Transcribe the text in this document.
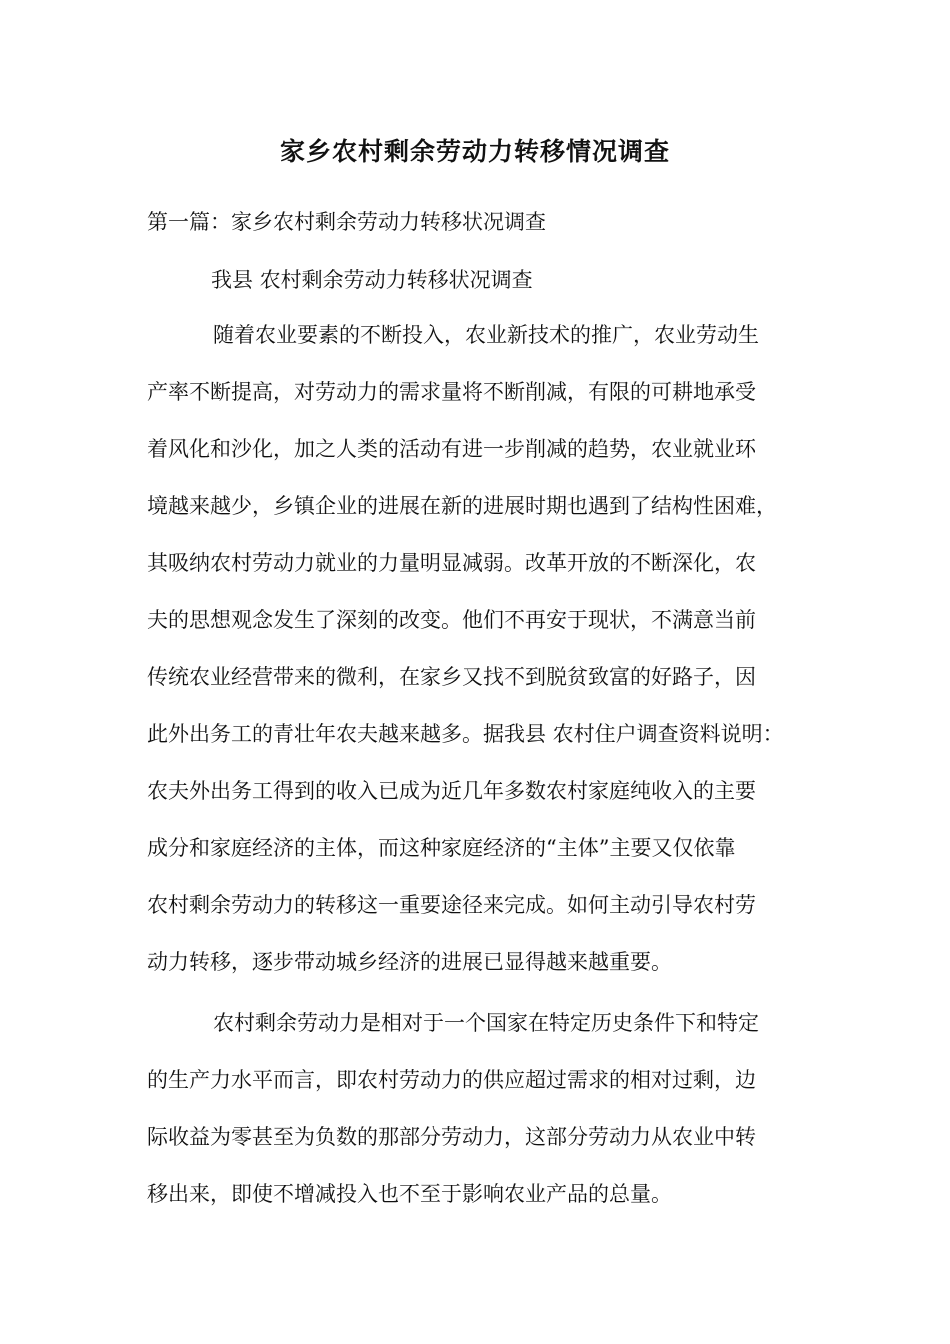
家乡农村剩余劳动力转移情况调查
第一篇：家乡农村剩余劳动力转移状况调查
我县 农村剩余劳动力转移状况调查
随着农业要素的不断投入，农业新技术的推广，农业劳动生
产率不断提高，对劳动力的需求量将不断削减，有限的可耕地承受
着风化和沙化，加之人类的活动有进一步削减的趋势，农业就业环
境越来越少，乡镇企业的进展在新的进展时期也遇到了结构性困难，
其吸纳农村劳动力就业的力量明显减弱。改革开放的不断深化，农
夫的思想观念发生了深刻的改变。他们不再安于现状，不满意当前
传统农业经营带来的微利，在家乡又找不到脱贫致富的好路子，因
此外出务工的青壮年农夫越来越多。据我县 农村住户调查资料说明：
农夫外出务工得到的收入已成为近几年多数农村家庭纯收入的主要
成分和家庭经济的主体，而这种家庭经济的“主体”主要又仅依靠
农村剩余劳动力的转移这一重要途径来完成。如何主动引导农村劳
动力转移，逐步带动城乡经济的进展已显得越来越重要。
农村剩余劳动力是相对于一个国家在特定历史条件下和特定
的生产力水平而言，即农村劳动力的供应超过需求的相对过剩，边
际收益为零甚至为负数的那部分劳动力，这部分劳动力从农业中转
移出来，即使不增减投入也不至于影响农业产品的总量。
